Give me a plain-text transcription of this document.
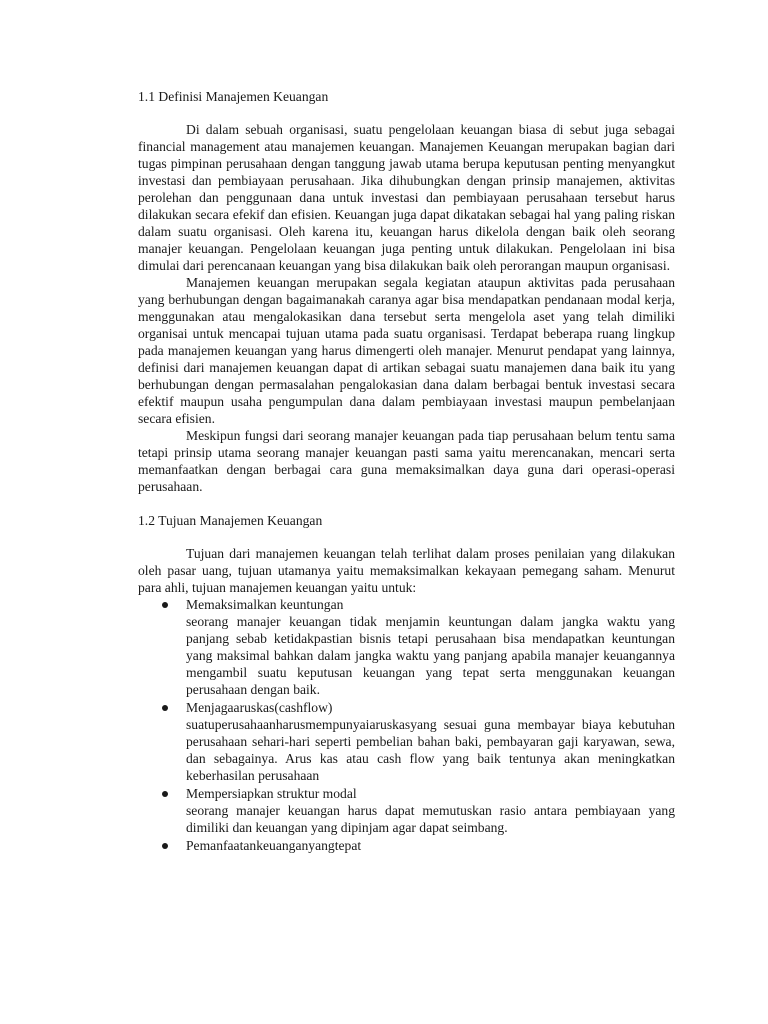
1.1 Definisi Manajemen Keuangan

Di dalam sebuah organisasi, suatu pengelolaan keuangan biasa di sebut juga sebagai financial management atau manajemen keuangan. Manajemen Keuangan merupakan bagian dari tugas pimpinan perusahaan dengan tanggung jawab utama berupa keputusan penting menyangkut investasi dan pembiayaan perusahaan. Jika dihubungkan dengan prinsip manajemen, aktivitas perolehan dan penggunaan dana untuk investasi dan pembiayaan perusahaan tersebut harus dilakukan secara efekif dan efisien. Keuangan juga dapat dikatakan sebagai hal yang paling riskan dalam suatu organisasi. Oleh karena itu, keuangan harus dikelola dengan baik oleh seorang manajer keuangan. Pengelolaan keuangan juga penting untuk dilakukan. Pengelolaan ini bisa dimulai dari perencanaan keuangan yang bisa dilakukan baik oleh perorangan maupun organisasi.

Manajemen keuangan merupakan segala kegiatan ataupun aktivitas pada perusahaan yang berhubungan dengan bagaimanakah caranya agar bisa mendapatkan pendanaan modal kerja, menggunakan atau mengalokasikan dana tersebut serta mengelola aset yang telah dimiliki organisai untuk mencapai tujuan utama pada suatu organisasi. Terdapat beberapa ruang lingkup pada manajemen keuangan yang harus dimengerti oleh manajer. Menurut pendapat yang lainnya, definisi dari manajemen keuangan dapat di artikan sebagai suatu manajemen dana baik itu yang berhubungan dengan permasalahan pengalokasian dana dalam berbagai bentuk investasi secara efektif maupun usaha pengumpulan dana dalam pembiayaan investasi maupun pembelanjaan secara efisien.

Meskipun fungsi dari seorang manajer keuangan pada tiap perusahaan belum tentu sama tetapi prinsip utama seorang manajer keuangan pasti sama yaitu merencanakan, mencari serta memanfaatkan dengan berbagai cara guna memaksimalkan daya guna dari operasi-operasi perusahaan.

1.2 Tujuan Manajemen Keuangan

Tujuan dari manajemen keuangan telah terlihat dalam proses penilaian yang dilakukan oleh pasar uang, tujuan utamanya yaitu memaksimalkan kekayaan pemegang saham. Menurut para ahli, tujuan manajemen keuangan yaitu untuk:

Memaksimalkan keuntungan
seorang manajer keuangan tidak menjamin keuntungan dalam jangka waktu yang panjang sebab ketidakpastian bisnis tetapi perusahaan bisa mendapatkan keuntungan yang maksimal bahkan dalam jangka waktu yang panjang apabila manajer keuangannya mengambil suatu keputusan keuangan yang tepat serta menggunakan keuangan perusahaan dengan baik.
Menjagaaruskas(cashflow)
suatuperusahaanharusmempunyaiaruskasyang sesuai guna membayar biaya kebutuhan perusahaan sehari-hari seperti pembelian bahan baki, pembayaran gaji karyawan, sewa, dan sebagainya. Arus kas atau cash flow yang baik tentunya akan meningkatkan keberhasilan perusahaan
Mempersiapkan struktur modal
seorang manajer keuangan harus dapat memutuskan rasio antara pembiayaan yang dimiliki dan keuangan yang dipinjam agar dapat seimbang.
Pemanfaatankeuanganyangtepat
